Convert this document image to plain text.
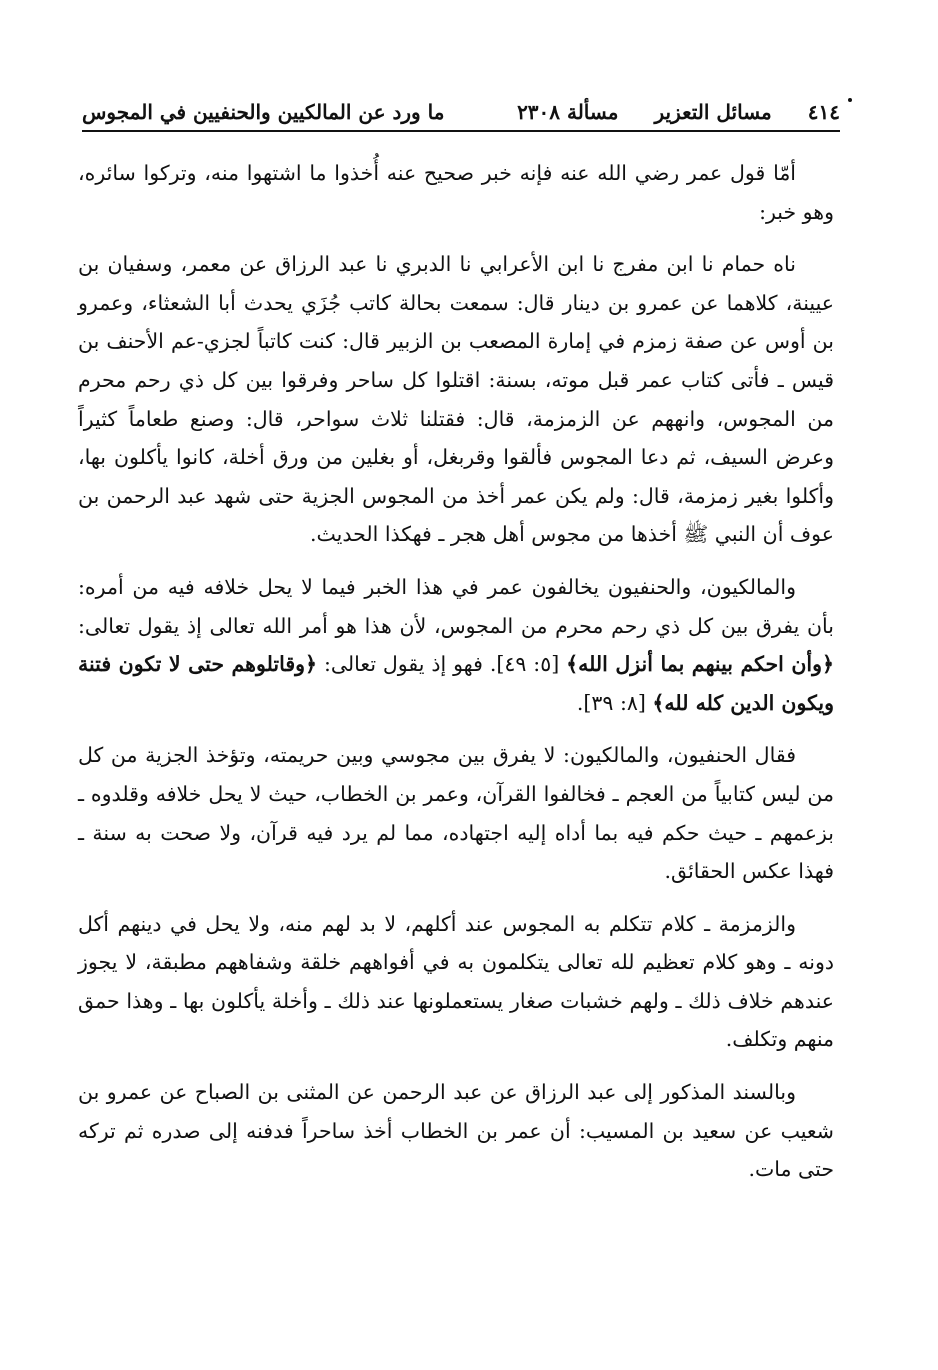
٤١٤
مسائل التعزير
مسألة ٢٣٠٨
ما ورد عن المالكيين والحنفيين في المجوس

أمّا قول عمر رضي الله عنه فإنه خبر صحيح عنه أُخذوا ما اشتهوا منه، وتركوا سائره، وهو خبر:

ناه حمام نا ابن مفرج نا ابن الأعرابي نا الدبري نا عبد الرزاق عن معمر، وسفيان بن عيينة، كلاهما عن عمرو بن دينار قال: سمعت بحالة كاتب جُزَي يحدث أبا الشعثاء، وعمرو بن أوس عن صفة زمزم في إمارة المصعب بن الزبير قال: كنت كاتباً لجزي-عم الأحنف بن قيس ـ فأتى كتاب عمر قبل موته، بسنة: اقتلوا كل ساحر وفرقوا بين كل ذي رحم محرم من المجوس، وانههم عن الزمزمة، قال: فقتلنا ثلاث سواحر، قال: وصنع طعاماً كثيراً وعرض السيف، ثم دعا المجوس فألقوا وقربغل، أو بغلين من ورق أخلة، كانوا يأكلون بها، وأكلوا بغير زمزمة، قال: ولم يكن عمر أخذ من المجوس الجزية حتى شهد عبد الرحمن بن عوف أن النبي ﷺ أخذها من مجوس أهل هجر ـ فهكذا الحديث.

والمالكيون، والحنفيون يخالفون عمر في هذا الخبر فيما لا يحل خلافه فيه من أمره: بأن يفرق بين كل ذي رحم محرم من المجوس، لأن هذا هو أمر الله تعالى إذ يقول تعالى: ﴿وأن احكم بينهم بما أنزل الله﴾ [٥: ٤٩]. فهو إذ يقول تعالى: ﴿وقاتلوهم حتى لا تكون فتنة ويكون الدين كله لله﴾ [٨: ٣٩].

فقال الحنفيون، والمالكيون: لا يفرق بين مجوسي وبين حريمته، وتؤخذ الجزية من كل من ليس كتابياً من العجم ـ فخالفوا القرآن، وعمر بن الخطاب، حيث لا يحل خلافه وقلدوه ـ بزعمهم ـ حيث حكم فيه بما أداه إليه اجتهاده، مما لم يرد فيه قرآن، ولا صحت به سنة ـ فهذا عكس الحقائق.

والزمزمة ـ كلام تتكلم به المجوس عند أكلهم، لا بد لهم منه، ولا يحل في دينهم أكل دونه ـ وهو كلام تعظيم لله تعالى يتكلمون به في أفواههم خلقة وشفاههم مطبقة، لا يجوز عندهم خلاف ذلك ـ ولهم خشبات صغار يستعملونها عند ذلك ـ وأخلة يأكلون بها ـ وهذا حمق منهم وتكلف.

وبالسند المذكور إلى عبد الرزاق عن عبد الرحمن عن المثنى بن الصباح عن عمرو بن شعيب عن سعيد بن المسيب: أن عمر بن الخطاب أخذ ساحراً فدفنه إلى صدره ثم تركه حتى مات.
